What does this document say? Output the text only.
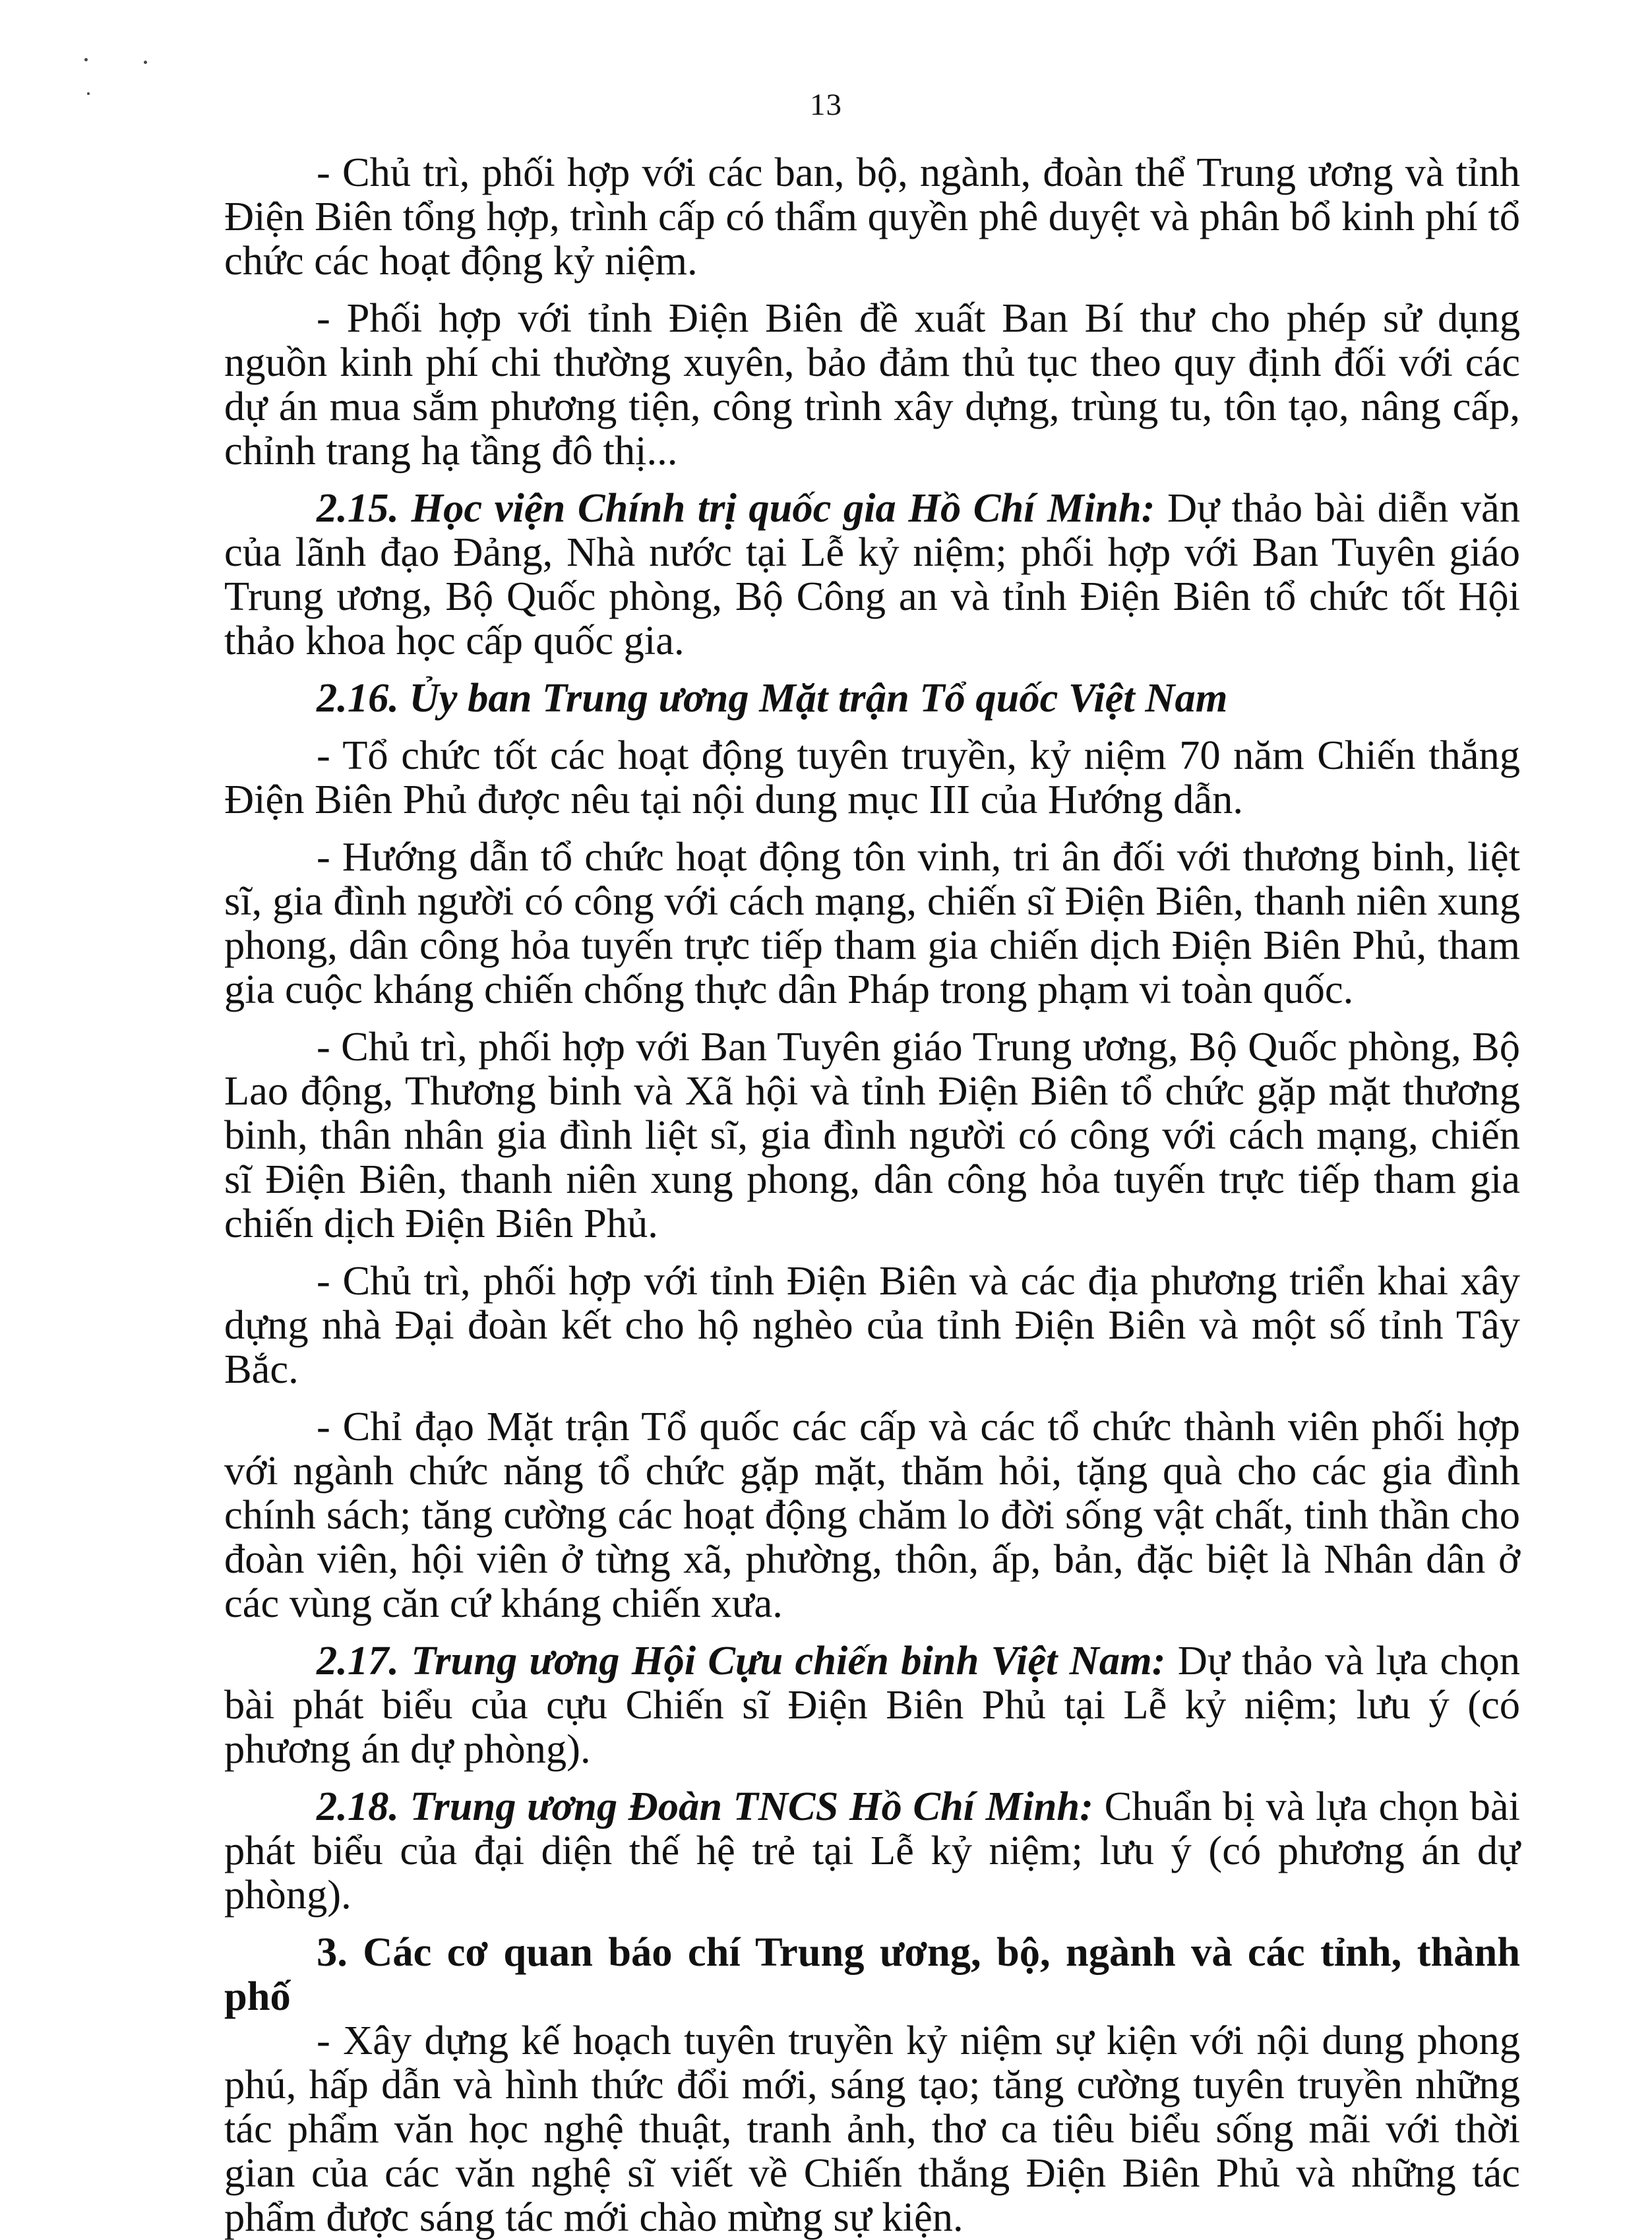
13

- Chủ trì, phối hợp với các ban, bộ, ngành, đoàn thể Trung ương và tỉnh Điện Biên tổng hợp, trình cấp có thẩm quyền phê duyệt và phân bổ kinh phí tổ chức các hoạt động kỷ niệm.

- Phối hợp với tỉnh Điện Biên đề xuất Ban Bí thư cho phép sử dụng nguồn kinh phí chi thường xuyên, bảo đảm thủ tục theo quy định đối với các dự án mua sắm phương tiện, công trình xây dựng, trùng tu, tôn tạo, nâng cấp, chỉnh trang hạ tầng đô thị...

2.15. Học viện Chính trị quốc gia Hồ Chí Minh: Dự thảo bài diễn văn của lãnh đạo Đảng, Nhà nước tại Lễ kỷ niệm; phối hợp với Ban Tuyên giáo Trung ương, Bộ Quốc phòng, Bộ Công an và tỉnh Điện Biên tổ chức tốt Hội thảo khoa học cấp quốc gia.

2.16. Ủy ban Trung ương Mặt trận Tổ quốc Việt Nam

- Tổ chức tốt các hoạt động tuyên truyền, kỷ niệm 70 năm Chiến thắng Điện Biên Phủ được nêu tại nội dung mục III của Hướng dẫn.

- Hướng dẫn tổ chức hoạt động tôn vinh, tri ân đối với thương binh, liệt sĩ, gia đình người có công với cách mạng, chiến sĩ Điện Biên, thanh niên xung phong, dân công hỏa tuyến trực tiếp tham gia chiến dịch Điện Biên Phủ, tham gia cuộc kháng chiến chống thực dân Pháp trong phạm vi toàn quốc.

- Chủ trì, phối hợp với Ban Tuyên giáo Trung ương, Bộ Quốc phòng, Bộ Lao động, Thương binh và Xã hội và tỉnh Điện Biên tổ chức gặp mặt thương binh, thân nhân gia đình liệt sĩ, gia đình người có công với cách mạng, chiến sĩ Điện Biên, thanh niên xung phong, dân công hỏa tuyến trực tiếp tham gia chiến dịch Điện Biên Phủ.

- Chủ trì, phối hợp với tỉnh Điện Biên và các địa phương triển khai xây dựng nhà Đại đoàn kết cho hộ nghèo của tỉnh Điện Biên và một số tỉnh Tây Bắc.

- Chỉ đạo Mặt trận Tổ quốc các cấp và các tổ chức thành viên phối hợp với ngành chức năng tổ chức gặp mặt, thăm hỏi, tặng quà cho các gia đình chính sách; tăng cường các hoạt động chăm lo đời sống vật chất, tinh thần cho đoàn viên, hội viên ở từng xã, phường, thôn, ấp, bản, đặc biệt là Nhân dân ở các vùng căn cứ kháng chiến xưa.

2.17. Trung ương Hội Cựu chiến binh Việt Nam: Dự thảo và lựa chọn bài phát biểu của cựu Chiến sĩ Điện Biên Phủ tại Lễ kỷ niệm; lưu ý (có phương án dự phòng).

2.18. Trung ương Đoàn TNCS Hồ Chí Minh: Chuẩn bị và lựa chọn bài phát biểu của đại diện thế hệ trẻ tại Lễ kỷ niệm; lưu ý (có phương án dự phòng).

3. Các cơ quan báo chí Trung ương, bộ, ngành và các tỉnh, thành phố

- Xây dựng kế hoạch tuyên truyền kỷ niệm sự kiện với nội dung phong phú, hấp dẫn và hình thức đổi mới, sáng tạo; tăng cường tuyên truyền những tác phẩm văn học nghệ thuật, tranh ảnh, thơ ca tiêu biểu sống mãi với thời gian của các văn nghệ sĩ viết về Chiến thắng Điện Biên Phủ và những tác phẩm được sáng tác mới chào mừng sự kiện.
